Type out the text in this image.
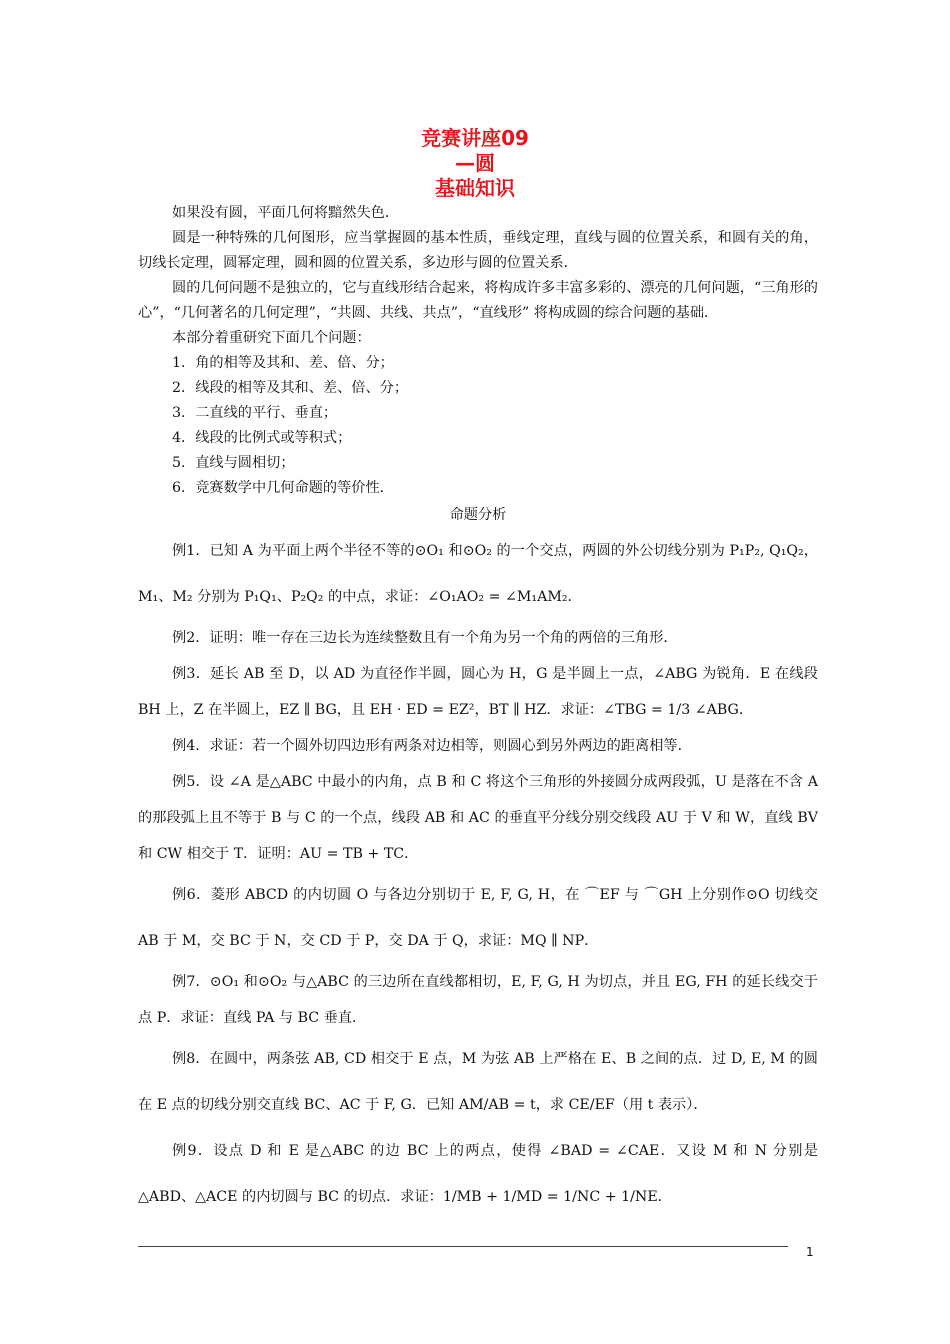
竞赛讲座09
—圆
基础知识

如果没有圆，平面几何将黯然失色．

圆是一种特殊的几何图形，应当掌握圆的基本性质，垂线定理，直线与圆的位置关系，和圆有关的角，切线长定理，圆幂定理，圆和圆的位置关系，多边形与圆的位置关系．

圆的几何问题不是独立的，它与直线形结合起来，将构成许多丰富多彩的、漂亮的几何问题，“三角形的心”，“几何著名的几何定理”，“共圆、共线、共点”，“直线形” 将构成圆的综合问题的基础．

本部分着重研究下面几个问题：

1．角的相等及其和、差、倍、分；

2．线段的相等及其和、差、倍、分；

3．二直线的平行、垂直；

4．线段的比例式或等积式；

5．直线与圆相切；

6．竞赛数学中几何命题的等价性．

命题分析

例1．已知 A 为平面上两个半径不等的⊙O₁ 和⊙O₂ 的一个交点，两圆的外公切线分别为 P₁P₂, Q₁Q₂，M₁、M₂ 分别为 P₁Q₁、P₂Q₂ 的中点，求证：∠O₁AO₂ = ∠M₁AM₂．

例2．证明：唯一存在三边长为连续整数且有一个角为另一个角的两倍的三角形．

例3．延长 AB 至 D，以 AD 为直径作半圆，圆心为 H，G 是半圆上一点，∠ABG 为锐角．E 在线段 BH 上，Z 在半圆上，EZ ∥ BG，且 EH · ED = EZ²，BT ∥ HZ．求证：∠TBG = 1/3 ∠ABG．

例4．求证：若一个圆外切四边形有两条对边相等，则圆心到另外两边的距离相等．

例5．设 ∠A 是△ABC 中最小的内角，点 B 和 C 将这个三角形的外接圆分成两段弧，U 是落在不含 A 的那段弧上且不等于 B 与 C 的一个点，线段 AB 和 AC 的垂直平分线分别交线段 AU 于 V 和 W，直线 BV 和 CW 相交于 T．证明：AU = TB + TC．

例6．菱形 ABCD 的内切圆 O 与各边分别切于 E, F, G, H，在 ⌒EF 与 ⌒GH 上分别作⊙O 切线交 AB 于 M，交 BC 于 N，交 CD 于 P，交 DA 于 Q，求证：MQ ∥ NP．

例7．⊙O₁ 和⊙O₂ 与△ABC 的三边所在直线都相切，E, F, G, H 为切点，并且 EG, FH 的延长线交于点 P．求证：直线 PA 与 BC 垂直．

例8．在圆中，两条弦 AB, CD 相交于 E 点，M 为弦 AB 上严格在 E、B 之间的点．过 D, E, M 的圆在 E 点的切线分别交直线 BC、AC 于 F, G．已知 AM/AB = t，求 CE/EF（用 t 表示）．

例9．设点 D 和 E 是△ABC 的边 BC 上的两点，使得 ∠BAD = ∠CAE．又设 M 和 N 分别是△ABD、△ACE 的内切圆与 BC 的切点．求证：1/MB + 1/MD = 1/NC + 1/NE．

1
